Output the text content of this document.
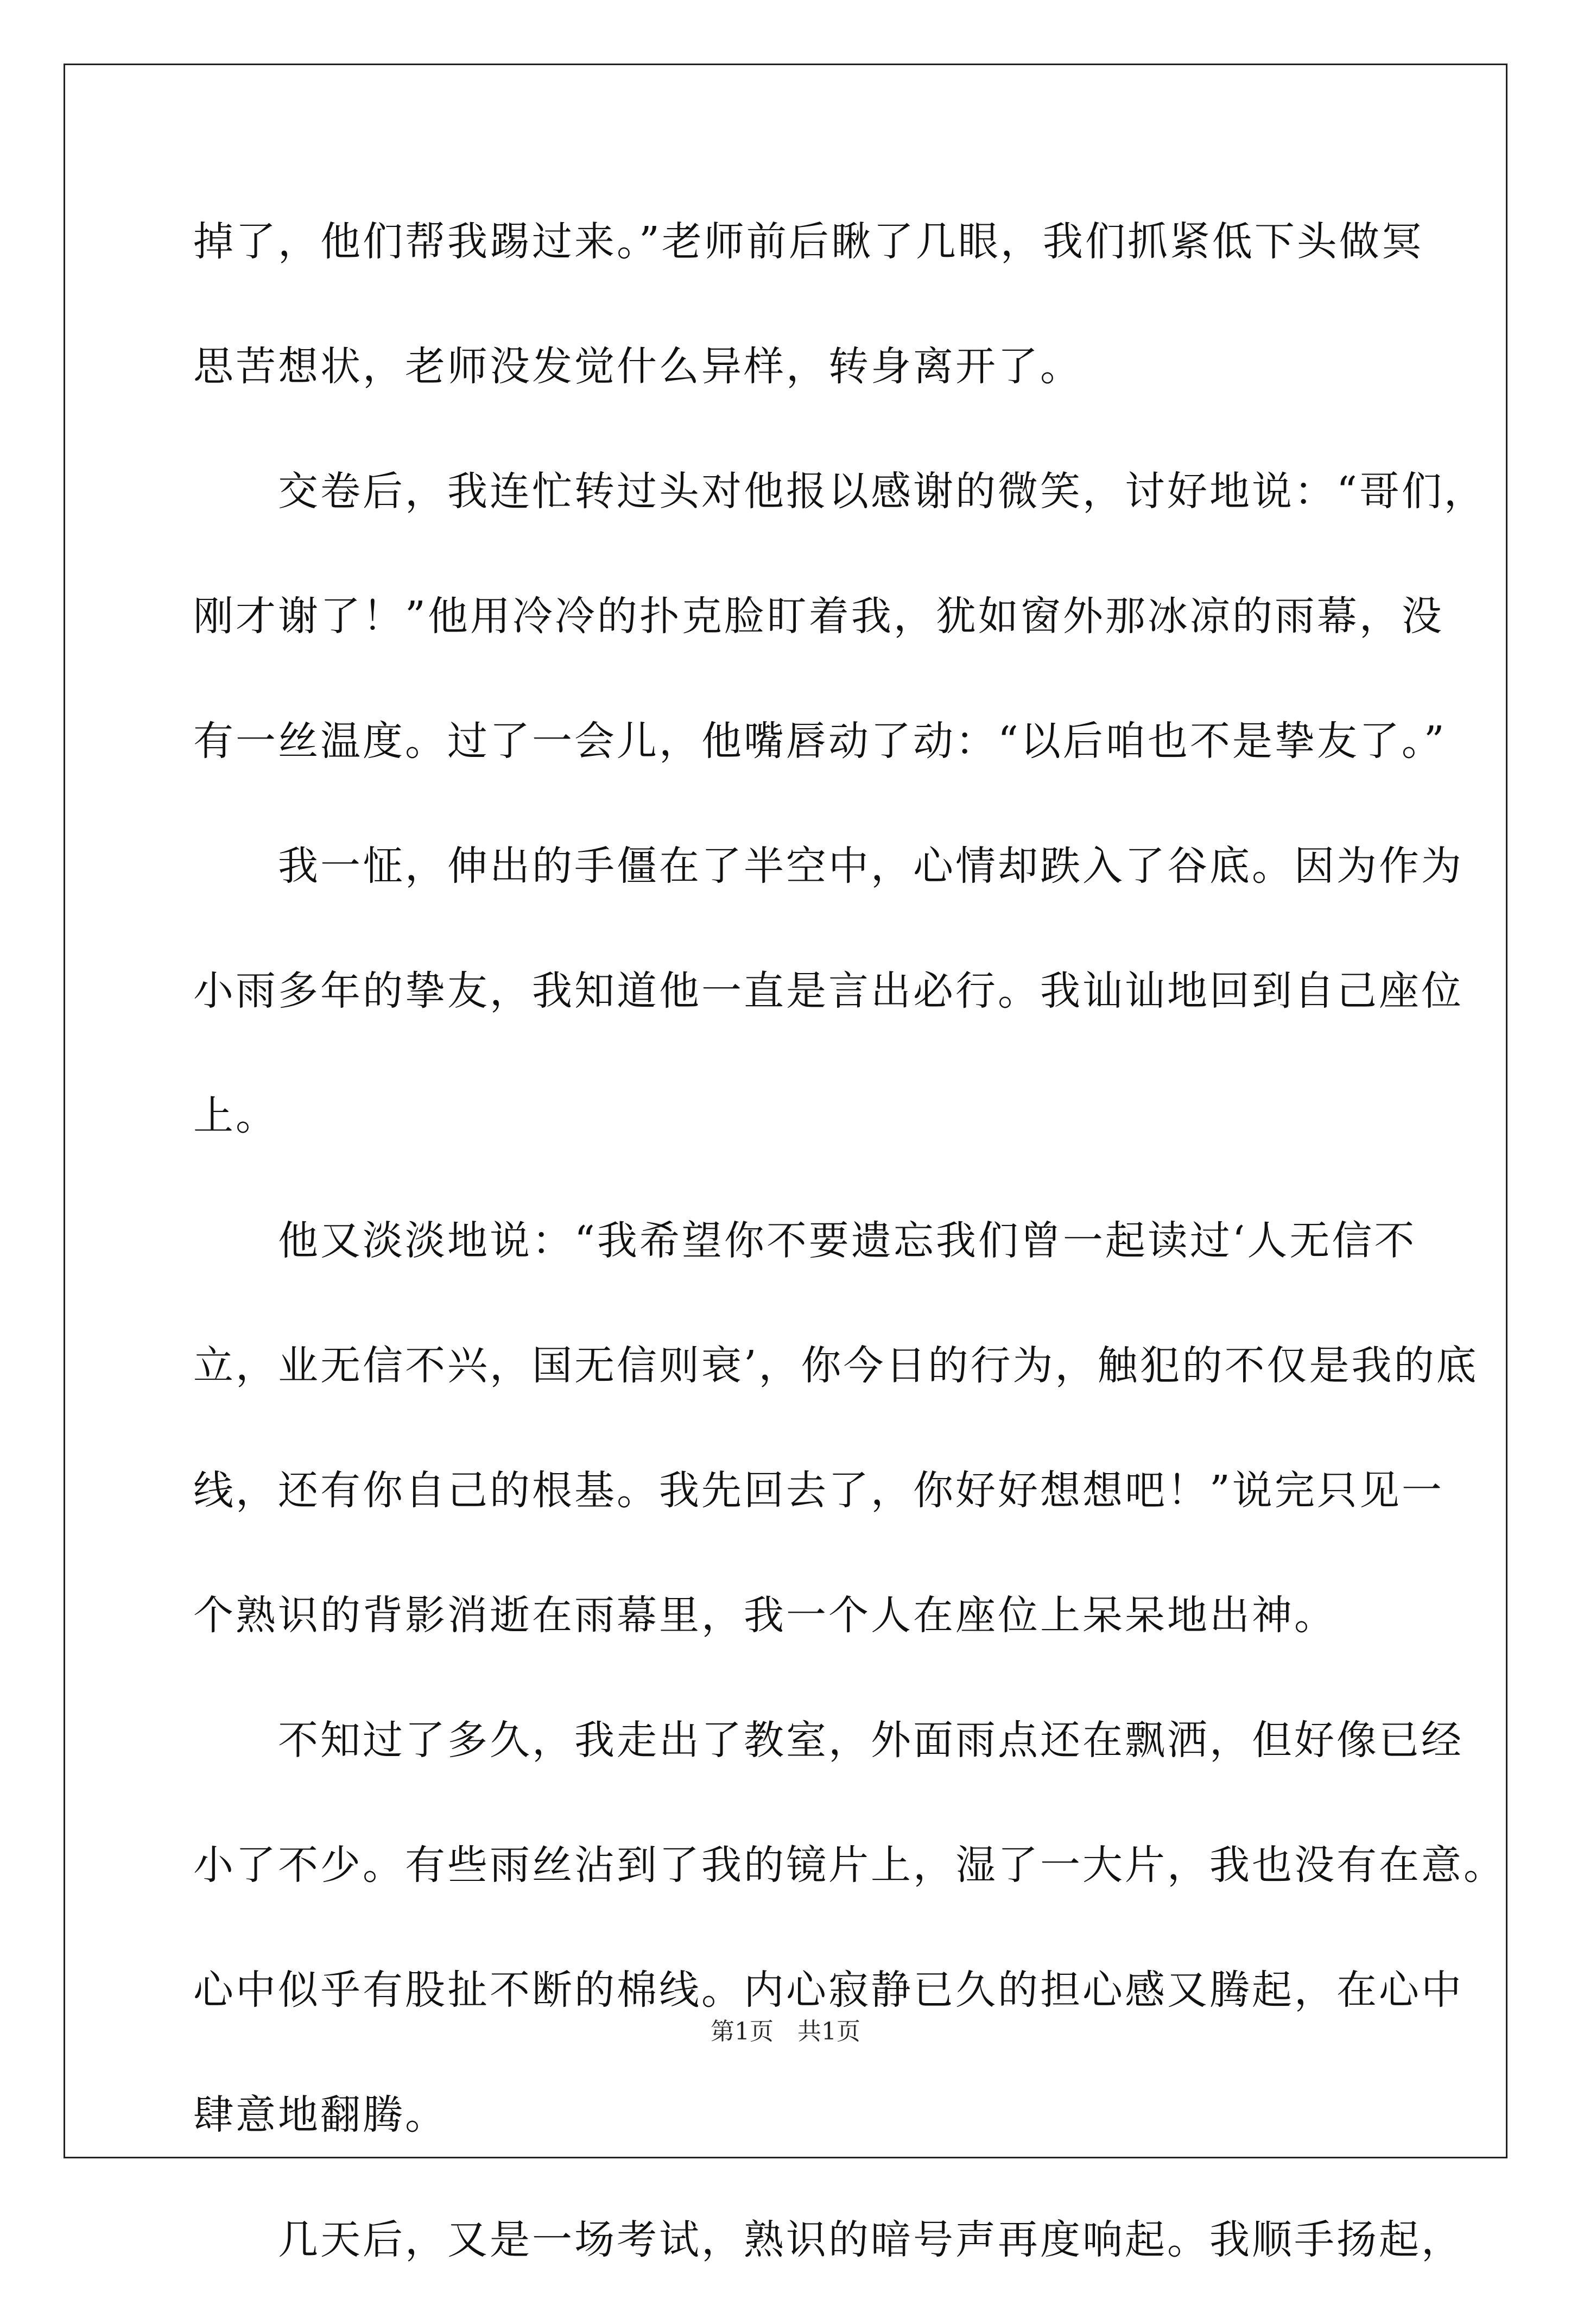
掉了，他们帮我踢过来。”老师前后瞅了几眼，我们抓紧低下头做冥
思苦想状，老师没发觉什么异样，转身离开了。
　　交卷后，我连忙转过头对他报以感谢的微笑，讨好地说：“哥们，
刚才谢了！”他用冷冷的扑克脸盯着我，犹如窗外那冰凉的雨幕，没
有一丝温度。过了一会儿，他嘴唇动了动：“以后咱也不是挚友了。”
　　我一怔，伸出的手僵在了半空中，心情却跌入了谷底。因为作为
小雨多年的挚友，我知道他一直是言出必行。我讪讪地回到自己座位
上。
　　他又淡淡地说：“我希望你不要遗忘我们曾一起读过‘人无信不
立，业无信不兴，国无信则衰’，你今日的行为，触犯的不仅是我的底
线，还有你自己的根基。我先回去了，你好好想想吧！”说完只见一
个熟识的背影消逝在雨幕里，我一个人在座位上呆呆地出神。
　　不知过了多久，我走出了教室，外面雨点还在飘洒，但好像已经
小了不少。有些雨丝沾到了我的镜片上，湿了一大片，我也没有在意。
心中似乎有股扯不断的棉线。内心寂静已久的担心感又腾起，在心中
肆意地翻腾。
　　几天后，又是一场考试，熟识的暗号声再度响起。我顺手扬起，
第1页　共1页
